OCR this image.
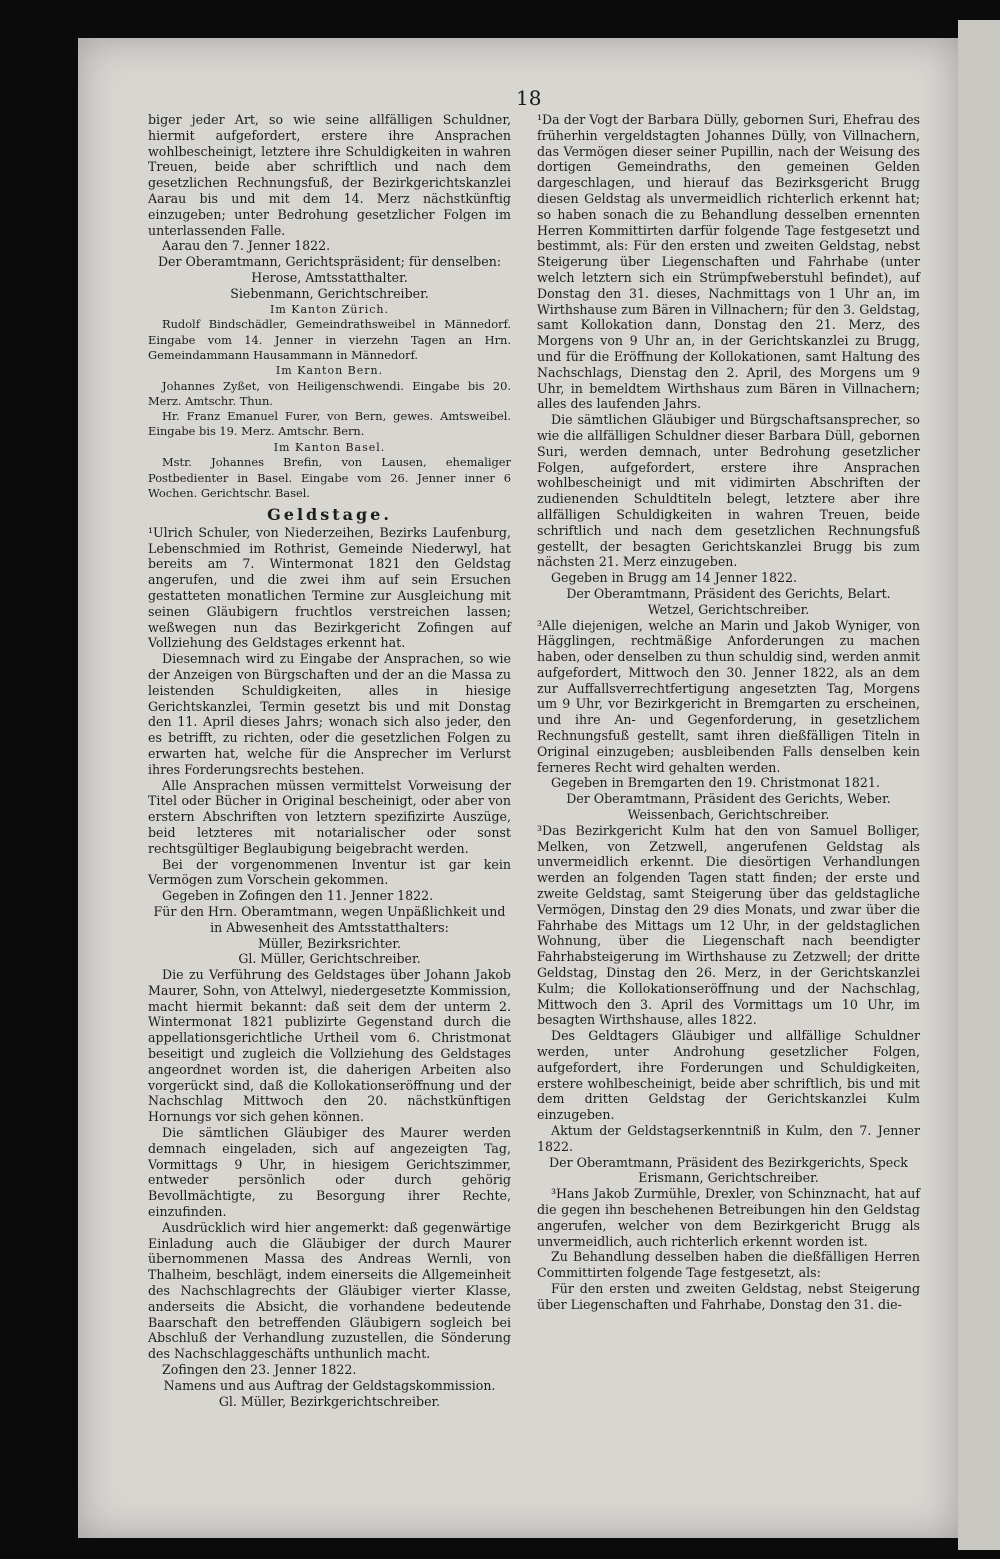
18

biger jeder Art, so wie seine allfälligen Schuldner, hiermit aufgefordert, erstere ihre Ansprachen wohlbescheinigt, letztere ihre Schuldigkeiten in wahren Treuen, beide aber schriftlich und nach dem gesetzlichen Rechnungsfuß, der Bezirkgerichtskanzlei Aarau bis und mit dem 14. Merz nächstkünftig einzugeben; unter Bedrohung gesetzlicher Folgen im unterlassenden Falle.

Aarau den 7. Jenner 1822.

Der Oberamtmann, Gerichtspräsident; für denselben:

Herose, Amtsstatthalter.

Siebenmann, Gerichtschreiber.

Im Kanton Zürich.

Rudolf Bindschädler, Gemeindrathsweibel in Männedorf. Eingabe vom 14. Jenner in vierzehn Tagen an Hrn. Gemeindammann Hausammann in Männedorf.

Im Kanton Bern.

Johannes Zyßet, von Heiligenschwendi. Eingabe bis 20. Merz. Amtschr. Thun.

Hr. Franz Emanuel Furer, von Bern, gewes. Amtsweibel. Eingabe bis 19. Merz. Amtschr. Bern.

Im Kanton Basel.

Mstr. Johannes Brefin, von Lausen, ehemaliger Postbedienter in Basel. Eingabe vom 26. Jenner inner 6 Wochen. Gerichtschr. Basel.

Geldstage.

¹Ulrich Schuler, von Niederzeihen, Bezirks Laufenburg, Lebenschmied im Rothrist, Gemeinde Niederwyl, hat bereits am 7. Wintermonat 1821 den Geldstag angerufen, und die zwei ihm auf sein Ersuchen gestatteten monatlichen Termine zur Ausgleichung mit seinen Gläubigern fruchtlos verstreichen lassen; weßwegen nun das Bezirkgericht Zofingen auf Vollziehung des Geldstages erkennt hat.

Diesemnach wird zu Eingabe der Ansprachen, so wie der Anzeigen von Bürgschaften und der an die Massa zu leistenden Schuldigkeiten, alles in hiesige Gerichtskanzlei, Termin gesetzt bis und mit Donstag den 11. April dieses Jahrs; wonach sich also jeder, den es betrifft, zu richten, oder die gesetzlichen Folgen zu erwarten hat, welche für die Ansprecher im Verlurst ihres Forderungsrechts bestehen.

Alle Ansprachen müssen vermittelst Vorweisung der Titel oder Bücher in Original bescheinigt, oder aber von erstern Abschriften von letztern spezifizirte Auszüge, beid letzteres mit notarialischer oder sonst rechtsgültiger Beglaubigung beigebracht werden.

Bei der vorgenommenen Inventur ist gar kein Vermögen zum Vorschein gekommen.

Gegeben in Zofingen den 11. Jenner 1822.

Für den Hrn. Oberamtmann, wegen Unpäßlichkeit und in Abwesenheit des Amtsstatthalters:

Müller, Bezirksrichter.

Gl. Müller, Gerichtschreiber.

Die zu Verführung des Geldstages über Johann Jakob Maurer, Sohn, von Attelwyl, niedergesetzte Kommission, macht hiermit bekannt: daß seit dem der unterm 2. Wintermonat 1821 publizirte Gegenstand durch die appellationsgerichtliche Urtheil vom 6. Christmonat beseitigt und zugleich die Vollziehung des Geldstages angeordnet worden ist, die daherigen Arbeiten also vorgerückt sind, daß die Kollokationseröffnung und der Nachschlag Mittwoch den 20. nächstkünftigen Hornungs vor sich gehen können.

Die sämtlichen Gläubiger des Maurer werden demnach eingeladen, sich auf angezeigten Tag, Vormittags 9 Uhr, in hiesigem Gerichtszimmer, entweder persönlich oder durch gehörig Bevollmächtigte, zu Besorgung ihrer Rechte, einzufinden.

Ausdrücklich wird hier angemerkt: daß gegenwärtige Einladung auch die Gläubiger der durch Maurer übernommenen Massa des Andreas Wernli, von Thalheim, beschlägt, indem einerseits die Allgemeinheit des Nachschlagrechts der Gläubiger vierter Klasse, anderseits die Absicht, die vorhandene bedeutende Baarschaft den betreffenden Gläubigern sogleich bei Abschluß der Verhandlung zuzustellen, die Sönderung des Nachschlaggeschäfts unthunlich macht.

Zofingen den 23. Jenner 1822.

Namens und aus Auftrag der Geldstagskommission.

Gl. Müller, Bezirkgerichtschreiber.

¹Da der Vogt der Barbara Dülly, gebornen Suri, Ehefrau des früherhin vergeldstagten Johannes Dülly, von Villnachern, das Vermögen dieser seiner Pupillin, nach der Weisung des dortigen Gemeindraths, den gemeinen Gelden dargeschlagen, und hierauf das Bezirksgericht Brugg diesen Geldstag als unvermeidlich richterlich erkennt hat; so haben sonach die zu Behandlung desselben ernennten Herren Kommittirten darfür folgende Tage festgesetzt und bestimmt, als: Für den ersten und zweiten Geldstag, nebst Steigerung über Liegenschaften und Fahrhabe (unter welch letztern sich ein Strümpfweberstuhl befindet), auf Donstag den 31. dieses, Nachmittags von 1 Uhr an, im Wirthshause zum Bären in Villnachern; für den 3. Geldstag, samt Kollokation dann, Donstag den 21. Merz, des Morgens von 9 Uhr an, in der Gerichtskanzlei zu Brugg, und für die Eröffnung der Kollokationen, samt Haltung des Nachschlags, Dienstag den 2. April, des Morgens um 9 Uhr, in bemeldtem Wirthshaus zum Bären in Villnachern; alles des laufenden Jahrs.

Die sämtlichen Gläubiger und Bürgschaftsansprecher, so wie die allfälligen Schuldner dieser Barbara Düll, gebornen Suri, werden demnach, unter Bedrohung gesetzlicher Folgen, aufgefordert, erstere ihre Ansprachen wohlbescheinigt und mit vidimirten Abschriften der zudienenden Schuldtiteln belegt, letztere aber ihre allfälligen Schuldigkeiten in wahren Treuen, beide schriftlich und nach dem gesetzlichen Rechnungsfuß gestellt, der besagten Gerichtskanzlei Brugg bis zum nächsten 21. Merz einzugeben.

Gegeben in Brugg am 14 Jenner 1822.

Der Oberamtmann, Präsident des Gerichts, Belart.

Wetzel, Gerichtschreiber.

³Alle diejenigen, welche an Marin und Jakob Wyniger, von Hägglingen, rechtmäßige Anforderungen zu machen haben, oder denselben zu thun schuldig sind, werden anmit aufgefordert, Mittwoch den 30. Jenner 1822, als an dem zur Auffallsverrechtfertigung angesetzten Tag, Morgens um 9 Uhr, vor Bezirkgericht in Bremgarten zu erscheinen, und ihre An- und Gegenforderung, in gesetzlichem Rechnungsfuß gestellt, samt ihren dießfälligen Titeln in Original einzugeben; ausbleibenden Falls denselben kein ferneres Recht wird gehalten werden.

Gegeben in Bremgarten den 19. Christmonat 1821.

Der Oberamtmann, Präsident des Gerichts, Weber.

Weissenbach, Gerichtschreiber.

³Das Bezirkgericht Kulm hat den von Samuel Bolliger, Melken, von Zetzwell, angerufenen Geldstag als unvermeidlich erkennt. Die diesörtigen Verhandlungen werden an folgenden Tagen statt finden; der erste und zweite Geldstag, samt Steigerung über das geldstagliche Vermögen, Dinstag den 29 dies Monats, und zwar über die Fahrhabe des Mittags um 12 Uhr, in der geldstaglichen Wohnung, über die Liegenschaft nach beendigter Fahrhabsteigerung im Wirthshause zu Zetzwell; der dritte Geldstag, Dinstag den 26. Merz, in der Gerichtskanzlei Kulm; die Kollokationseröffnung und der Nachschlag, Mittwoch den 3. April des Vormittags um 10 Uhr, im besagten Wirthshause, alles 1822.

Des Geldtagers Gläubiger und allfällige Schuldner werden, unter Androhung gesetzlicher Folgen, aufgefordert, ihre Forderungen und Schuldigkeiten, erstere wohlbescheinigt, beide aber schriftlich, bis und mit dem dritten Geldstag der Gerichtskanzlei Kulm einzugeben.

Aktum der Geldstagserkenntniß in Kulm, den 7. Jenner 1822.

Der Oberamtmann, Präsident des Bezirkgerichts, Speck

Erismann, Gerichtschreiber.

³Hans Jakob Zurmühle, Drexler, von Schinznacht, hat auf die gegen ihn beschehenen Betreibungen hin den Geldstag angerufen, welcher von dem Bezirkgericht Brugg als unvermeidlich, auch richterlich erkennt worden ist.

Zu Behandlung desselben haben die dießfälligen Herren Committirten folgende Tage festgesetzt, als:

Für den ersten und zweiten Geldstag, nebst Steigerung über Liegenschaften und Fahrhabe, Donstag den 31. die-
